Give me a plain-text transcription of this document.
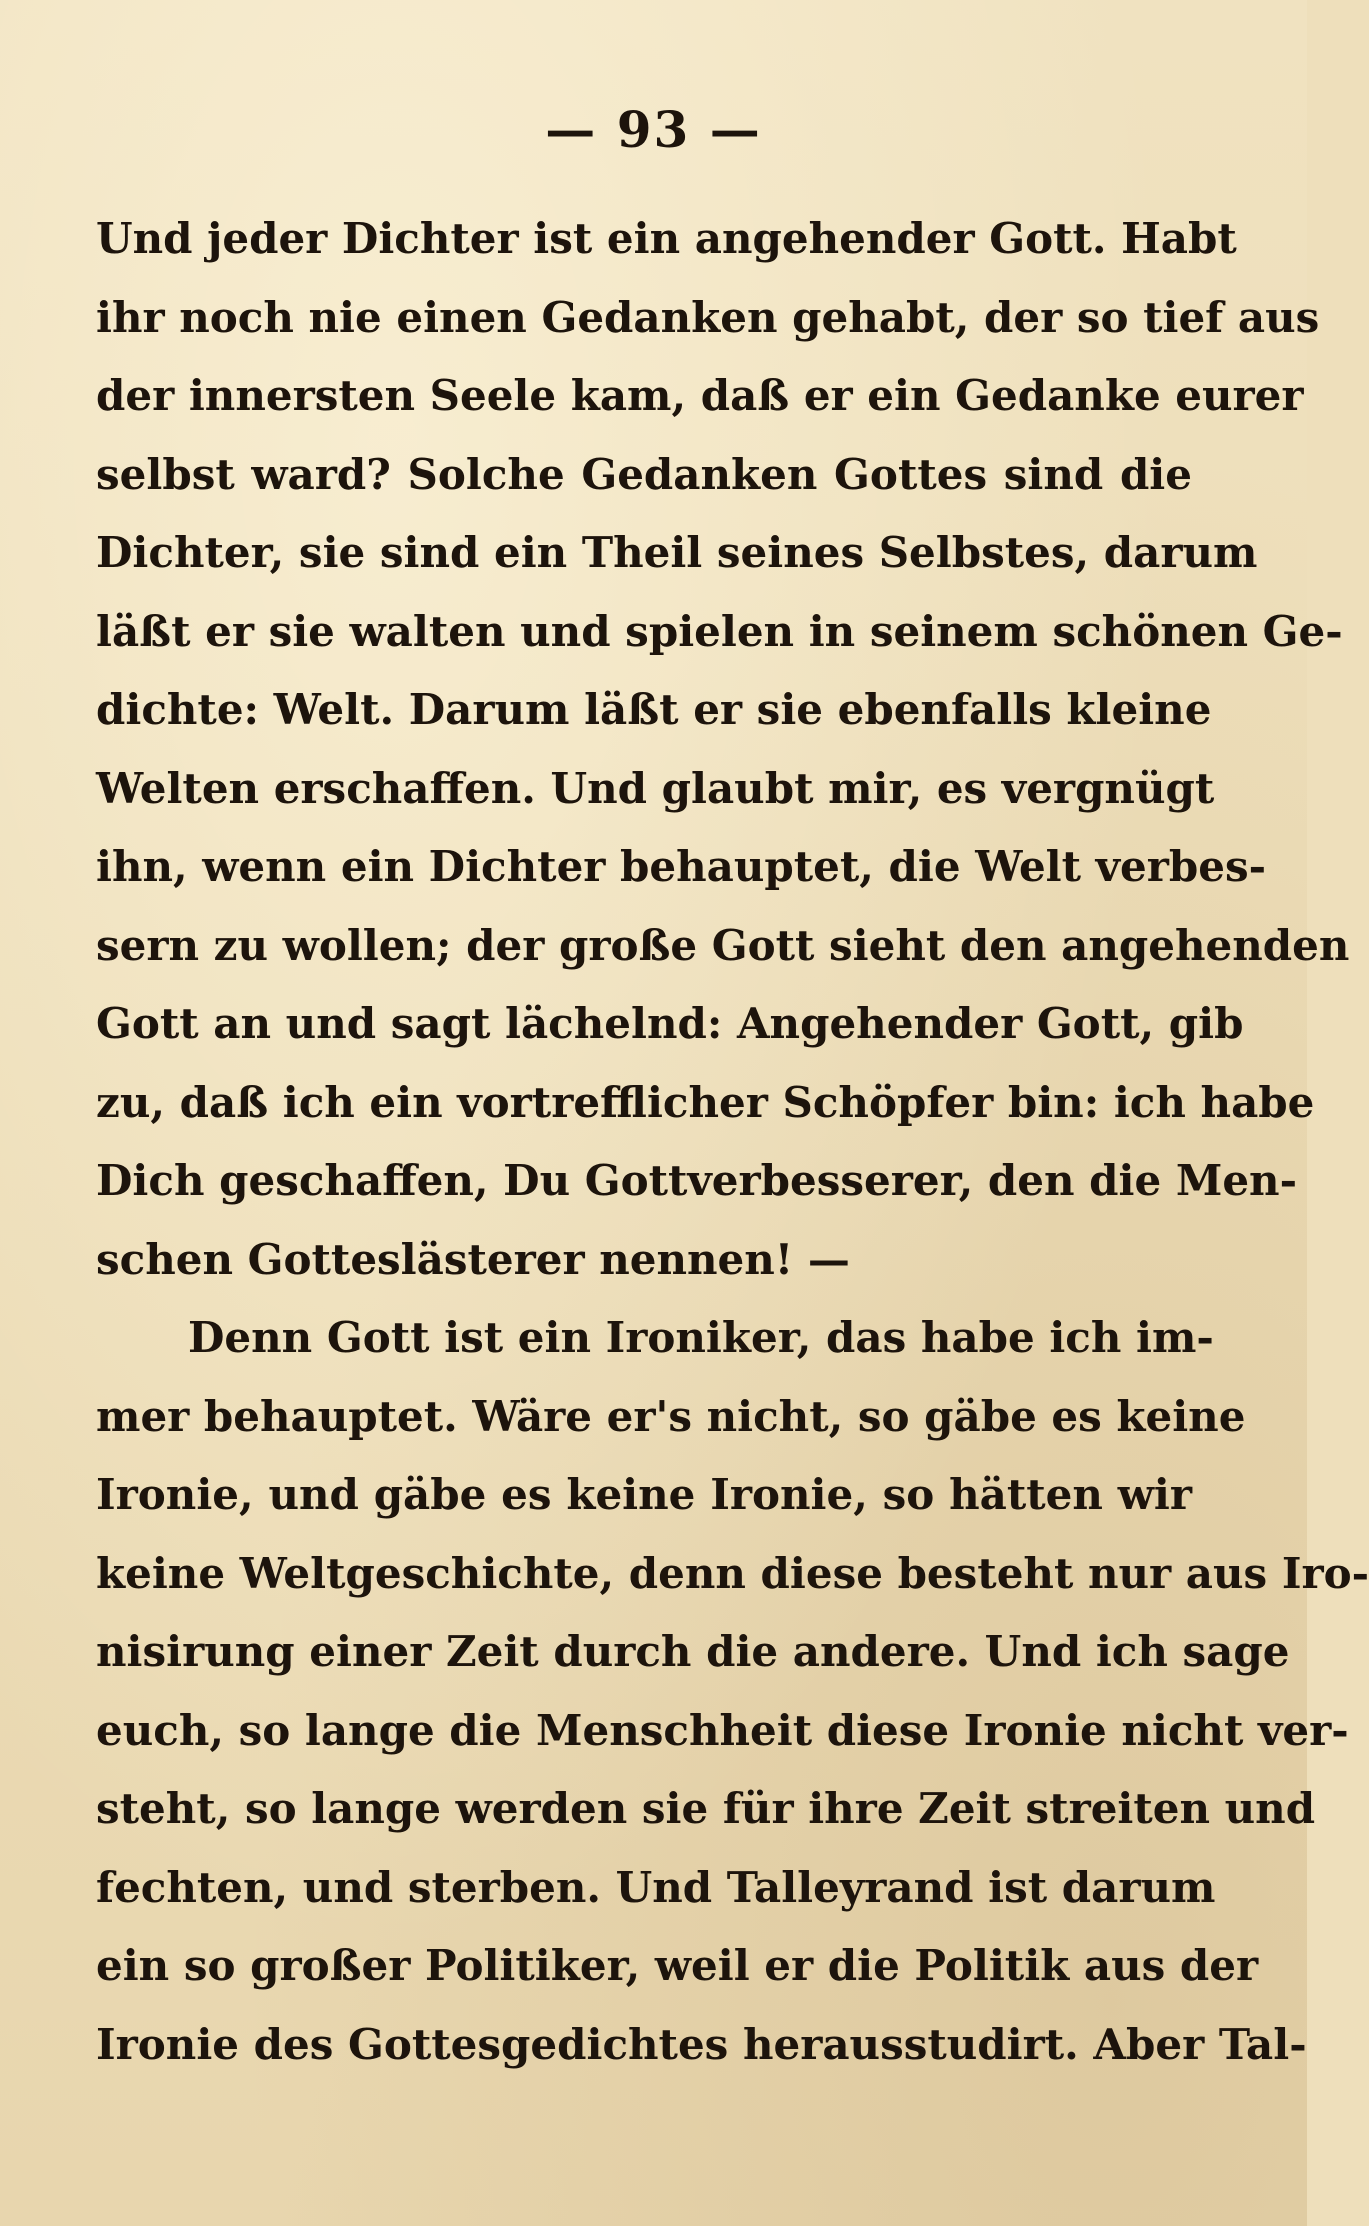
— 93 —
Und jeder Dichter ist ein angehender Gott. Habt
ihr noch nie einen Gedanken gehabt, der so tief aus
der innersten Seele kam, daß er ein Gedanke eurer
selbst ward? Solche Gedanken Gottes sind die
Dichter, sie sind ein Theil seines Selbstes, darum
läßt er sie walten und spielen in seinem schönen Ge-
dichte: Welt. Darum läßt er sie ebenfalls kleine
Welten erschaffen. Und glaubt mir, es vergnügt
ihn, wenn ein Dichter behauptet, die Welt verbes-
sern zu wollen; der große Gott sieht den angehenden
Gott an und sagt lächelnd: Angehender Gott, gib
zu, daß ich ein vortrefflicher Schöpfer bin: ich habe
Dich geschaffen, Du Gottverbesserer, den die Men-
schen Gotteslästerer nennen! —
Denn Gott ist ein Ironiker, das habe ich im-
mer behauptet. Wäre er's nicht, so gäbe es keine
Ironie, und gäbe es keine Ironie, so hätten wir
keine Weltgeschichte, denn diese besteht nur aus Iro-
nisirung einer Zeit durch die andere. Und ich sage
euch, so lange die Menschheit diese Ironie nicht ver-
steht, so lange werden sie für ihre Zeit streiten und
fechten, und sterben. Und Talleyrand ist darum
ein so großer Politiker, weil er die Politik aus der
Ironie des Gottesgedichtes herausstudirt. Aber Tal-
